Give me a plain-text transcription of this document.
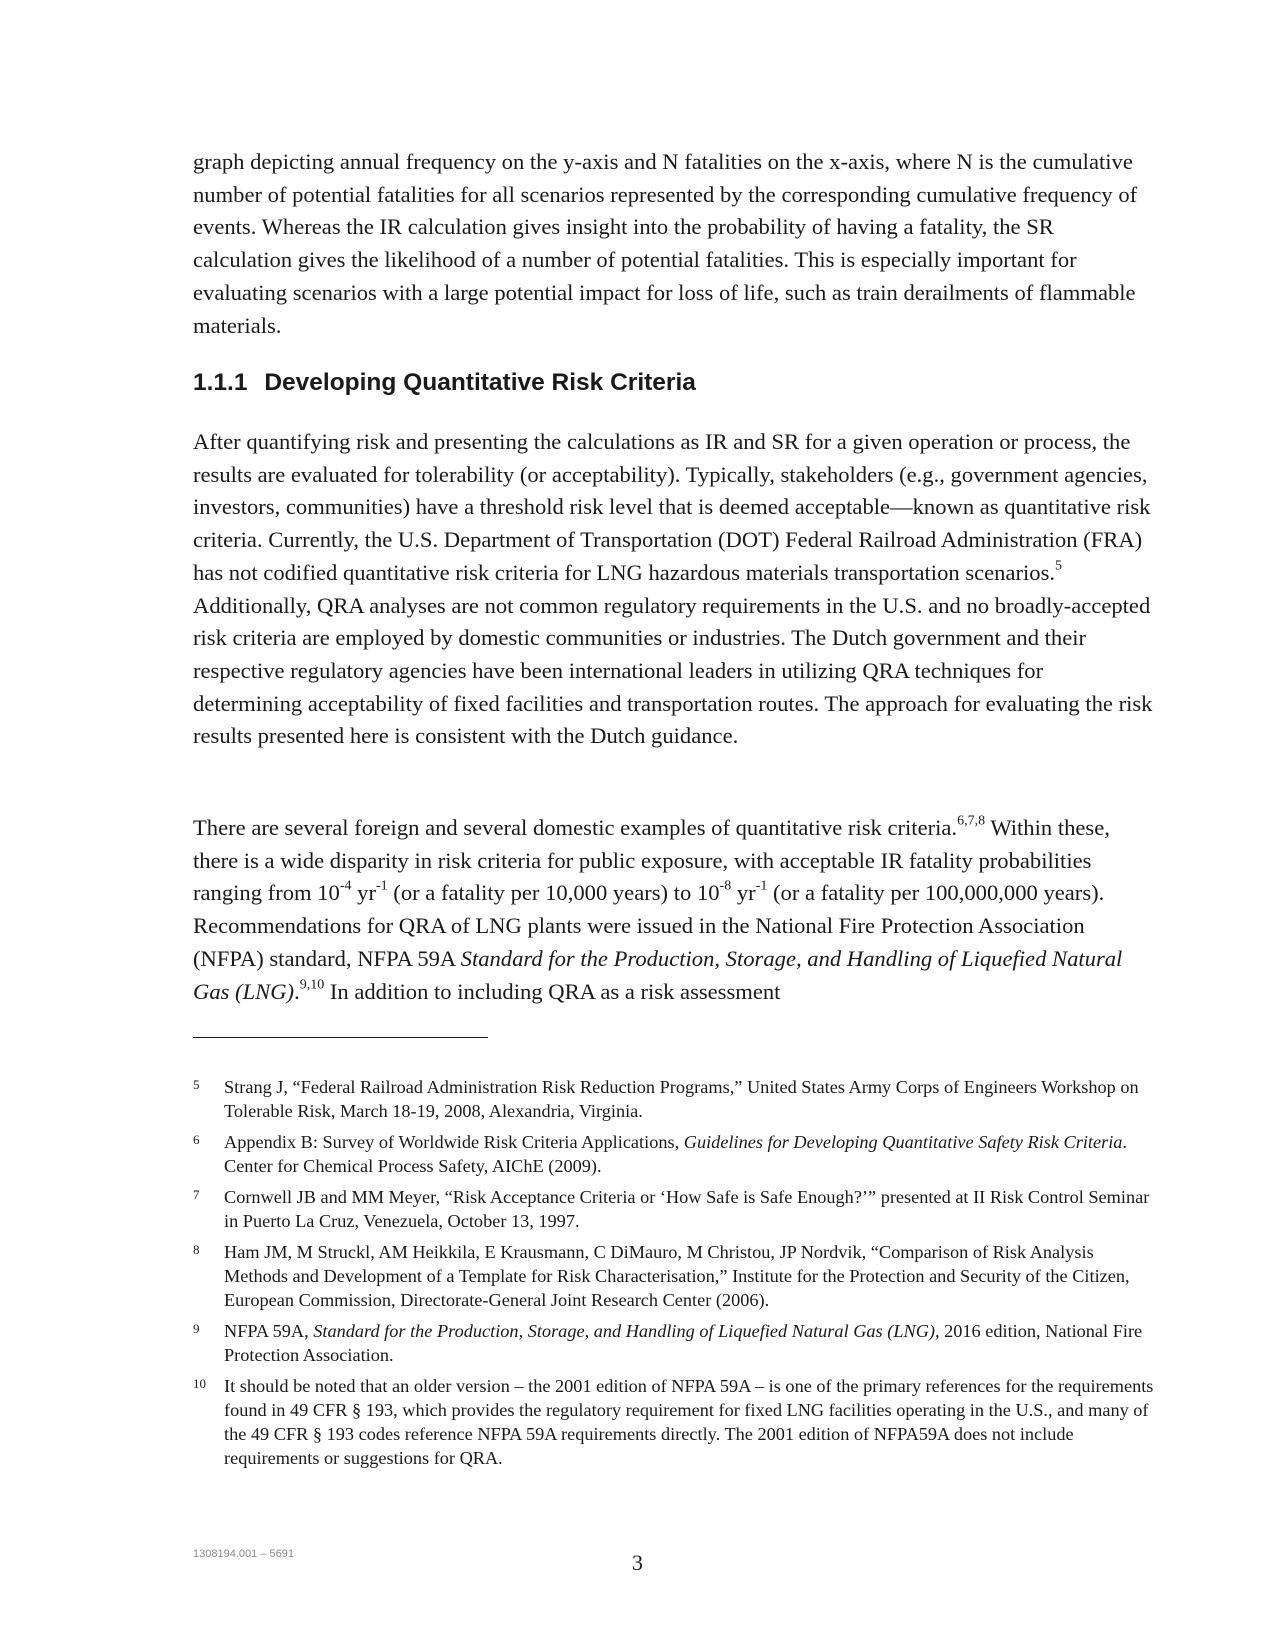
graph depicting annual frequency on the y-axis and N fatalities on the x-axis, where N is the cumulative number of potential fatalities for all scenarios represented by the corresponding cumulative frequency of events. Whereas the IR calculation gives insight into the probability of having a fatality, the SR calculation gives the likelihood of a number of potential fatalities. This is especially important for evaluating scenarios with a large potential impact for loss of life, such as train derailments of flammable materials.

1.1.1 Developing Quantitative Risk Criteria

After quantifying risk and presenting the calculations as IR and SR for a given operation or process, the results are evaluated for tolerability (or acceptability). Typically, stakeholders (e.g., government agencies, investors, communities) have a threshold risk level that is deemed acceptable—known as quantitative risk criteria. Currently, the U.S. Department of Transportation (DOT) Federal Railroad Administration (FRA) has not codified quantitative risk criteria for LNG hazardous materials transportation scenarios.$^5$ Additionally, QRA analyses are not common regulatory requirements in the U.S. and no broadly-accepted risk criteria are employed by domestic communities or industries. The Dutch government and their respective regulatory agencies have been international leaders in utilizing QRA techniques for determining acceptability of fixed facilities and transportation routes. The approach for evaluating the risk results presented here is consistent with the Dutch guidance.

There are several foreign and several domestic examples of quantitative risk criteria.$^{6,7,8}$ Within these, there is a wide disparity in risk criteria for public exposure, with acceptable IR fatality probabilities ranging from $10^{-4}$ $yr^{-1}$ (or a fatality per 10,000 years) to $10^{-8}$ $yr^{-1}$ (or a fatality per 100,000,000 years). Recommendations for QRA of LNG plants were issued in the National Fire Protection Association (NFPA) standard, NFPA 59A Standard for the Production, Storage, and Handling of Liquefied Natural Gas (LNG).$^{9,10}$ In addition to including QRA as a risk assessment

5	Strang J, “Federal Railroad Administration Risk Reduction Programs,” United States Army Corps of Engineers Workshop on Tolerable Risk, March 18-19, 2008, Alexandria, Virginia.
6	Appendix B: Survey of Worldwide Risk Criteria Applications, Guidelines for Developing Quantitative Safety Risk Criteria. Center for Chemical Process Safety, AIChE (2009).
7	Cornwell JB and MM Meyer, “Risk Acceptance Criteria or ‘How Safe is Safe Enough?’” presented at II Risk Control Seminar in Puerto La Cruz, Venezuela, October 13, 1997.
8	Ham JM, M Struckl, AM Heikkila, E Krausmann, C DiMauro, M Christou, JP Nordvik, “Comparison of Risk Analysis Methods and Development of a Template for Risk Characterisation,” Institute for the Protection and Security of the Citizen, European Commission, Directorate-General Joint Research Center (2006).
9	NFPA 59A, Standard for the Production, Storage, and Handling of Liquefied Natural Gas (LNG), 2016 edition, National Fire Protection Association.
10 It should be noted that an older version – the 2001 edition of NFPA 59A – is one of the primary references for the requirements found in 49 CFR § 193, which provides the regulatory requirement for fixed LNG facilities operating in the U.S., and many of the 49 CFR § 193 codes reference NFPA 59A requirements directly. The 2001 edition of NFPA59A does not include requirements or suggestions for QRA.
1308194.001 – 5691	3
